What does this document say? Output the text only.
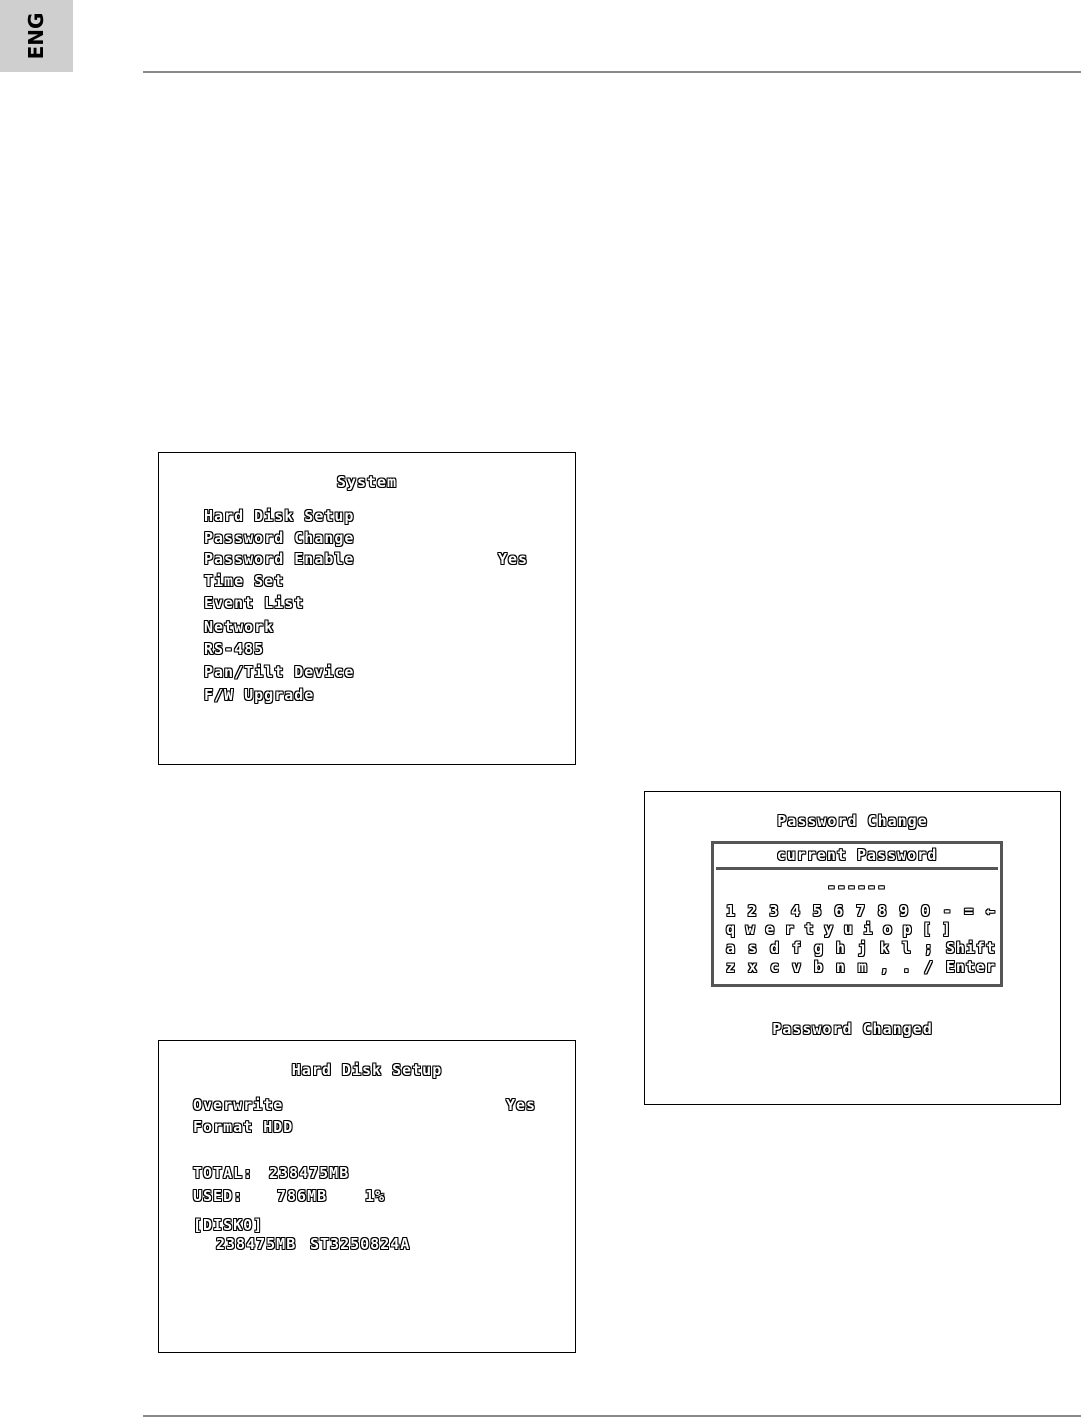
ENG
System
Hard Disk Setup
Password Change
Password Enable	Yes
Time Set
Event List
Network
RS-485
Pan/Tilt Device
F/W Upgrade
Password Change
current Password
------
1 2 3 4 5 6 7 8 9 0 - = ←
q w e r t y u i o p [ ]
a s d f g h j k l ; Shift
z x c v b n m , . / Enter
Password Changed
Hard Disk Setup
Overwrite	Yes
Format HDD
TOTAL: 238475MB
USED: 786MB	1%
[DISK0]
238475MB ST3250824A
